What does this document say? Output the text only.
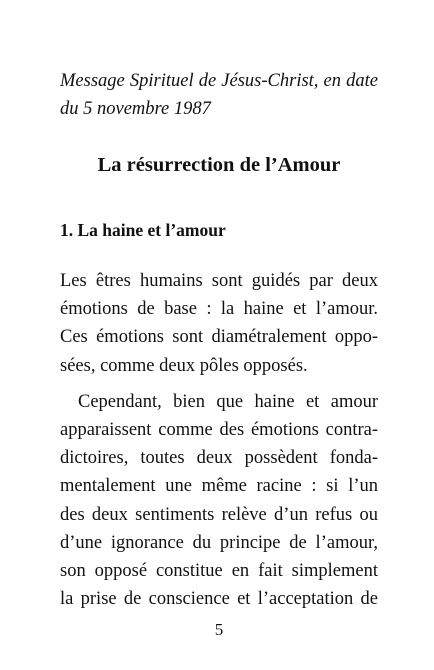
Message Spirituel de Jésus-Christ, en date
du 5 novembre 1987
La résurrection de l’Amour
1. La haine et l’amour
Les êtres humains sont guidés par deux
émotions de base : la haine et l’amour.
Ces émotions sont diamétralement oppo-
sées, comme deux pôles opposés.
Cependant, bien que haine et amour
apparaissent comme des émotions contra-
dictoires, toutes deux possèdent fonda-
mentalement une même racine : si l’un
des deux sentiments relève d’un refus ou
d’une ignorance du principe de l’amour,
son opposé constitue en fait simplement
la prise de conscience et l’acceptation de
5
